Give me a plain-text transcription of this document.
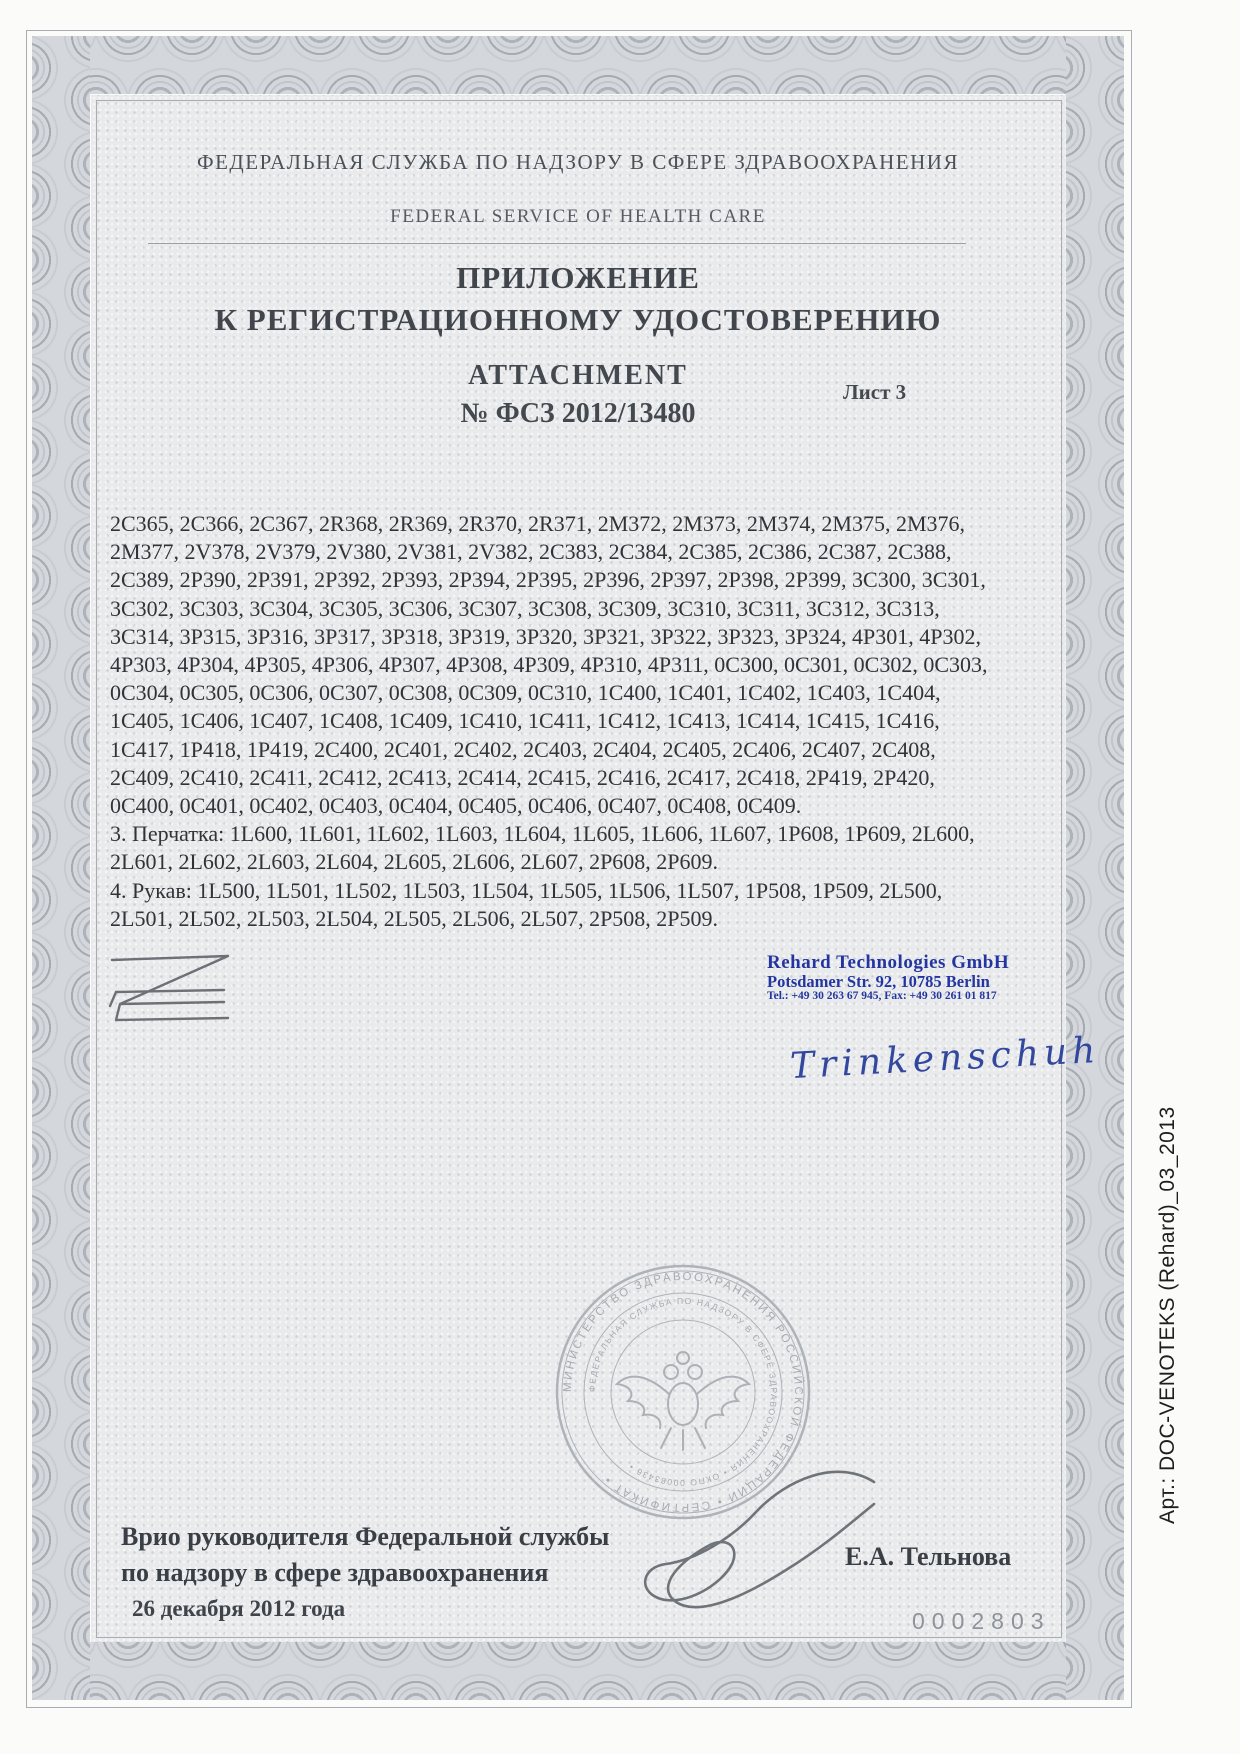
ФЕДЕРАЛЬНАЯ СЛУЖБА ПО НАДЗОРУ В СФЕРЕ ЗДРАВООХРАНЕНИЯ
FEDERAL SERVICE OF HEALTH CARE
ПРИЛОЖЕНИЕ
К РЕГИСТРАЦИОННОМУ УДОСТОВЕРЕНИЮ
ATTACHMENT
№ ФСЗ 2012/13480
Лист 3
2C365, 2C366, 2C367, 2R368, 2R369, 2R370, 2R371, 2M372, 2M373, 2M374, 2M375, 2M376,
2M377, 2V378, 2V379, 2V380, 2V381, 2V382, 2C383, 2C384, 2C385, 2C386, 2C387, 2C388,
2C389, 2P390, 2P391, 2P392, 2P393, 2P394, 2P395, 2P396, 2P397, 2P398, 2P399, 3C300, 3C301,
3C302, 3C303, 3C304, 3C305, 3C306, 3C307, 3C308, 3C309, 3C310, 3C311, 3C312, 3C313,
3C314, 3P315, 3P316, 3P317, 3P318, 3P319, 3P320, 3P321, 3P322, 3P323, 3P324, 4P301, 4P302,
4P303, 4P304, 4P305, 4P306, 4P307, 4P308, 4P309, 4P310, 4P311, 0C300, 0C301, 0C302, 0C303,
0C304, 0C305, 0C306, 0C307, 0C308, 0C309, 0C310, 1C400, 1C401, 1C402, 1C403, 1C404,
1C405, 1C406, 1C407, 1C408, 1C409, 1C410, 1C411, 1C412, 1C413, 1C414, 1C415, 1C416,
1C417, 1P418, 1P419, 2C400, 2C401, 2C402, 2C403, 2C404, 2C405, 2C406, 2C407, 2C408,
2C409, 2C410, 2C411, 2C412, 2C413, 2C414, 2C415, 2C416, 2C417, 2C418, 2P419, 2P420,
0C400, 0C401, 0C402, 0C403, 0C404, 0C405, 0C406, 0C407, 0C408, 0C409.
3. Перчатка: 1L600, 1L601, 1L602, 1L603, 1L604, 1L605, 1L606, 1L607, 1P608, 1P609, 2L600,
2L601, 2L602, 2L603, 2L604, 2L605, 2L606, 2L607, 2P608, 2P609.
4. Рукав: 1L500, 1L501, 1L502, 1L503, 1L504, 1L505, 1L506, 1L507, 1P508, 1P509, 2L500,
2L501, 2L502, 2L503, 2L504, 2L505, 2L506, 2L507, 2P508, 2P509.
Rehard Technologies GmbH
Potsdamer Str. 92, 10785 Berlin
Tel.: +49 30 263 67 945, Fax: +49 30 261 01 817
Trinkenschuh
МИНИСТЕРСТВО ЗДРАВООХРАНЕНИЯ РОССИЙСКОЙ ФЕДЕРАЦИИ • СЕРТИФИКАТ •
ФЕДЕРАЛЬНАЯ СЛУЖБА ПО НАДЗОРУ В СФЕРЕ ЗДРАВООХРАНЕНИЯ • ОКПО 00083436 •
Врио руководителя Федеральной службы
по надзору в сфере здравоохранения
26 декабря 2012 года
Е.А. Тельнова
0002803
Арт.: DOC-VENOTEKS (Rehard)_03_2013
